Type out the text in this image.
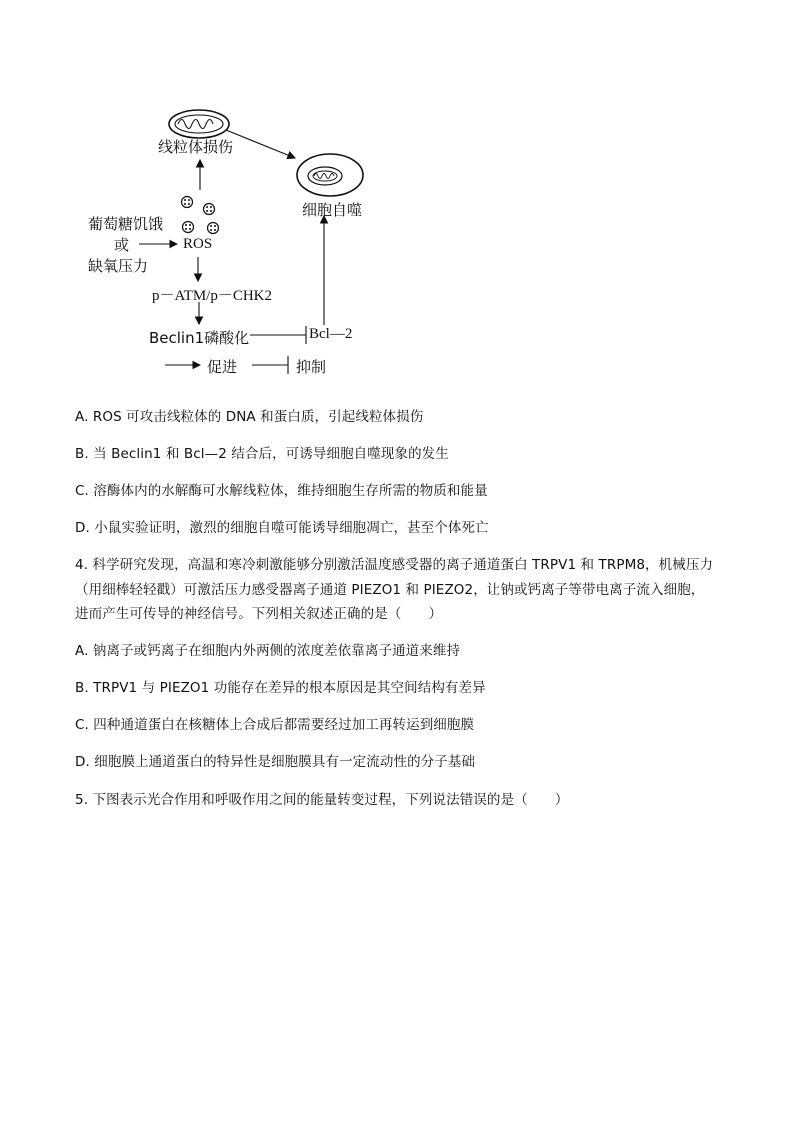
线粒体损伤
细胞自噬
葡萄糖饥饿
或
缺氧压力
ROS
p－ATM/p－CHK2
Beclin1磷酸化	Bcl—2
促进	抑制
A. ROS 可攻击线粒体的 DNA 和蛋白质，引起线粒体损伤
B. 当 Beclin1 和 Bcl—2 结合后，可诱导细胞自噬现象的发生
C. 溶酶体内的水解酶可水解线粒体，维持细胞生存所需的物质和能量
D. 小鼠实验证明，激烈的细胞自噬可能诱导细胞凋亡，甚至个体死亡
4. 科学研究发现，高温和寒冷刺激能够分别激活温度感受器的离子通道蛋白 TRPV1 和 TRPM8，机械压力
（用细棒轻轻戳）可激活压力感受器离子通道 PIEZO1 和 PIEZO2，让钠或钙离子等带电离子流入细胞，
进而产生可传导的神经信号。下列相关叙述正确的是（　　）
A. 钠离子或钙离子在细胞内外两侧的浓度差依靠离子通道来维持
B. TRPV1 与 PIEZO1 功能存在差异的根本原因是其空间结构有差异
C. 四种通道蛋白在核糖体上合成后都需要经过加工再转运到细胞膜
D. 细胞膜上通道蛋白的特异性是细胞膜具有一定流动性的分子基础
5. 下图表示光合作用和呼吸作用之间的能量转变过程，下列说法错误的是（　　）
